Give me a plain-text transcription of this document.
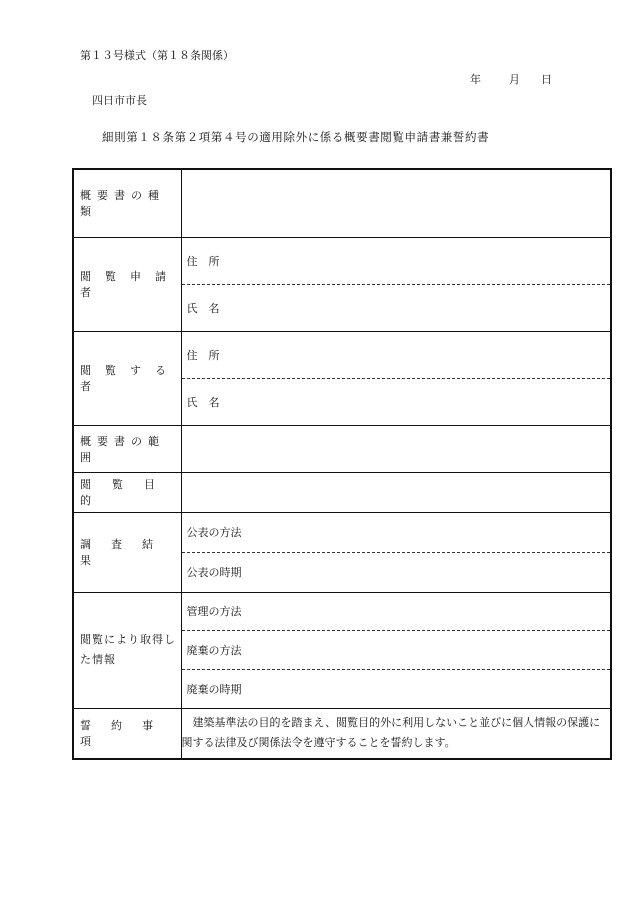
第１３号様式（第１８条関係）
年	月 日
四日市市長
細則第１８条第２項第４号の適用除外に係る概要書閲覧申請書兼誓約書
概要書の種類	
閲覧申請者	住　所
	氏　名
閲覧する者	住　所
	氏　名
概要書の範囲	
閲覧目的	
調査結果	公表の方法
	公表の時期
閲覧により取得した情報	管理の方法
	廃棄の方法
	廃棄の時期
誓約事項	建築基準法の目的を踏まえ、閲覧目的外に利用しないこと並びに個人情報の保護に関する法律及び関係法令を遵守することを誓約します。
